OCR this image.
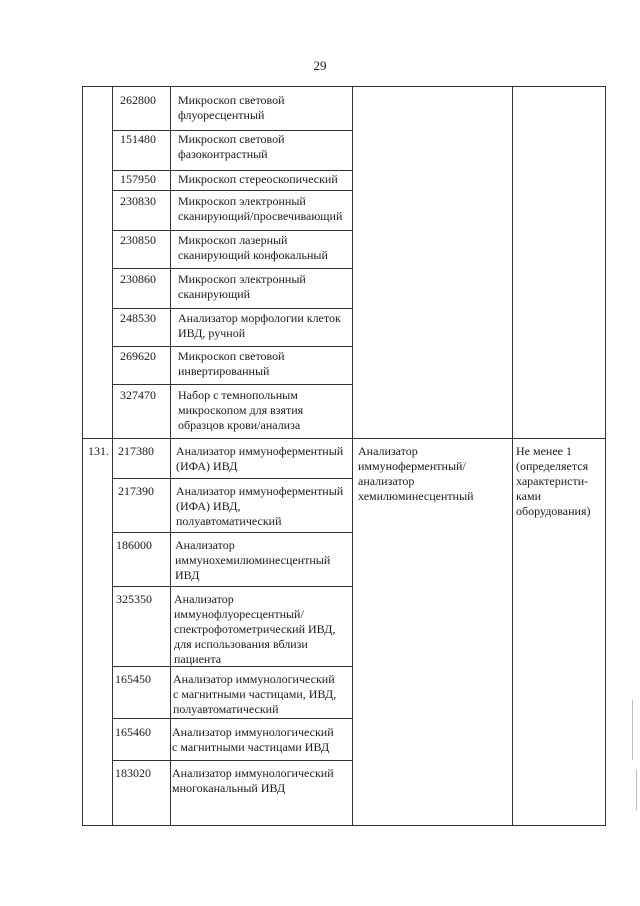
29
262800 Микроскоп световой
флуоресцентный
151480 Микроскоп световой
фазоконтрастный
157950 Микроскоп стереоскопический
230830 Микроскоп электронный
сканирующий/просвечивающий
230850 Микроскоп лазерный
сканирующий конфокальный
230860 Микроскоп электронный
сканирующий
248530 Анализатор морфологии клеток
ИВД, ручной
269620 Микроскоп световой
инвертированный
327470 Набор с темнопольным
микроскопом для взятия
образцов крови/анализа
131.	Анализатор
иммуноферментный/
анализатор
хемилюминесцентный
Не менее 1
(определяется
характеристи-
ками
оборудования)
217380 Анализатор иммуноферментный
(ИФА) ИВД
217390 Анализатор иммуноферментный
(ИФА) ИВД,
полуавтоматический
186000 Анализатор
иммунохемилюминесцентный
ИВД
325350 Анализатор
иммунофлуоресцентный/
спектрофотометрический ИВД,
для использования вблизи
пациента
165450 Анализатор иммунологический
с магнитными частицами, ИВД,
полуавтоматический
165460 Анализатор иммунологический
с магнитными частицами ИВД
183020 Анализатор иммунологический
многоканальный ИВД
